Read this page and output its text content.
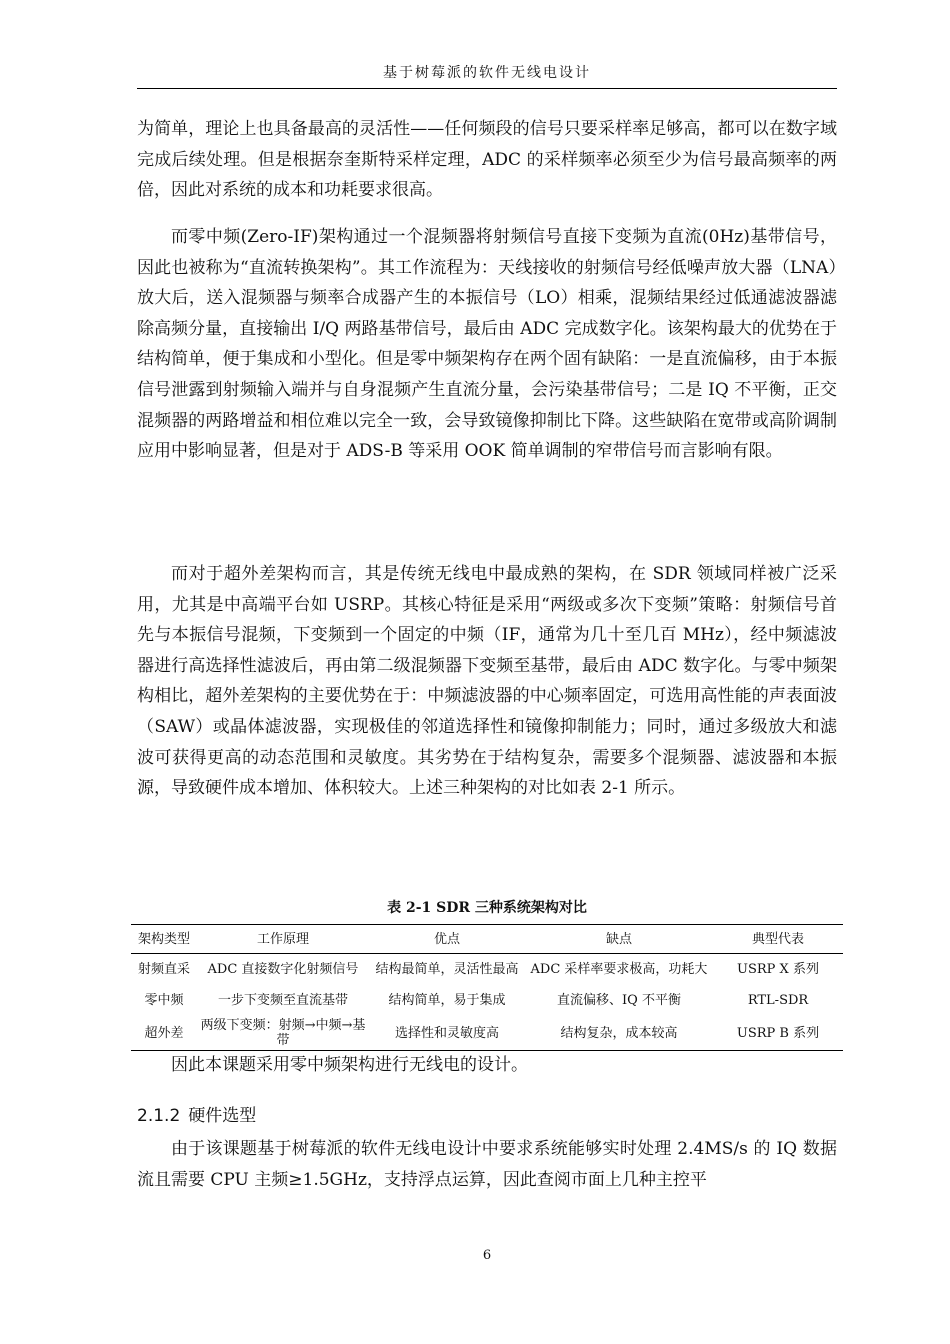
基于树莓派的软件无线电设计

为简单，理论上也具备最高的灵活性——任何频段的信号只要采样率足够高，都可以在数字域完成后续处理。但是根据奈奎斯特采样定理，ADC 的采样频率必须至少为信号最高频率的两倍，因此对系统的成本和功耗要求很高。

而零中频(Zero-IF)架构通过一个混频器将射频信号直接下变频为直流(0Hz)基带信号，因此也被称为“直流转换架构”。其工作流程为：天线接收的射频信号经低噪声放大器（LNA）放大后，送入混频器与频率合成器产生的本振信号（LO）相乘，混频结果经过低通滤波器滤除高频分量，直接输出 I/Q 两路基带信号，最后由 ADC 完成数字化。该架构最大的优势在于结构简单，便于集成和小型化。但是零中频架构存在两个固有缺陷：一是直流偏移，由于本振信号泄露到射频输入端并与自身混频产生直流分量，会污染基带信号；二是 IQ 不平衡，正交混频器的两路增益和相位难以完全一致，会导致镜像抑制比下降。这些缺陷在宽带或高阶调制应用中影响显著，但是对于 ADS-B 等采用 OOK 简单调制的窄带信号而言影响有限。

而对于超外差架构而言，其是传统无线电中最成熟的架构，在 SDR 领域同样被广泛采用，尤其是中高端平台如 USRP。其核心特征是采用“两级或多次下变频”策略：射频信号首先与本振信号混频，下变频到一个固定的中频（IF，通常为几十至几百 MHz），经中频滤波器进行高选择性滤波后，再由第二级混频器下变频至基带，最后由 ADC 数字化。与零中频架构相比，超外差架构的主要优势在于：中频滤波器的中心频率固定，可选用高性能的声表面波（SAW）或晶体滤波器，实现极佳的邻道选择性和镜像抑制能力；同时，通过多级放大和滤波可获得更高的动态范围和灵敏度。其劣势在于结构复杂，需要多个混频器、滤波器和本振源，导致硬件成本增加、体积较大。上述三种架构的对比如表 2-1 所示。

表 2-1 SDR 三种系统架构对比
架构类型	工作原理	优点	缺点	典型代表
射频直采	ADC 直接数字化射频信号	结构最简单，灵活性最高	ADC 采样率要求极高，功耗大	USRP X 系列
零中频	一步下变频至直流基带	结构简单，易于集成	直流偏移、IQ 不平衡	RTL-SDR
超外差	两级下变频：射频→中频→基带	选择性和灵敏度高	结构复杂，成本较高	USRP B 系列

因此本课题采用零中频架构进行无线电的设计。

2.1.2 硬件选型

由于该课题基于树莓派的软件无线电设计中要求系统能够实时处理 2.4MS/s 的 IQ 数据流且需要 CPU 主频≥1.5GHz，支持浮点运算，因此查阅市面上几种主控平

6
